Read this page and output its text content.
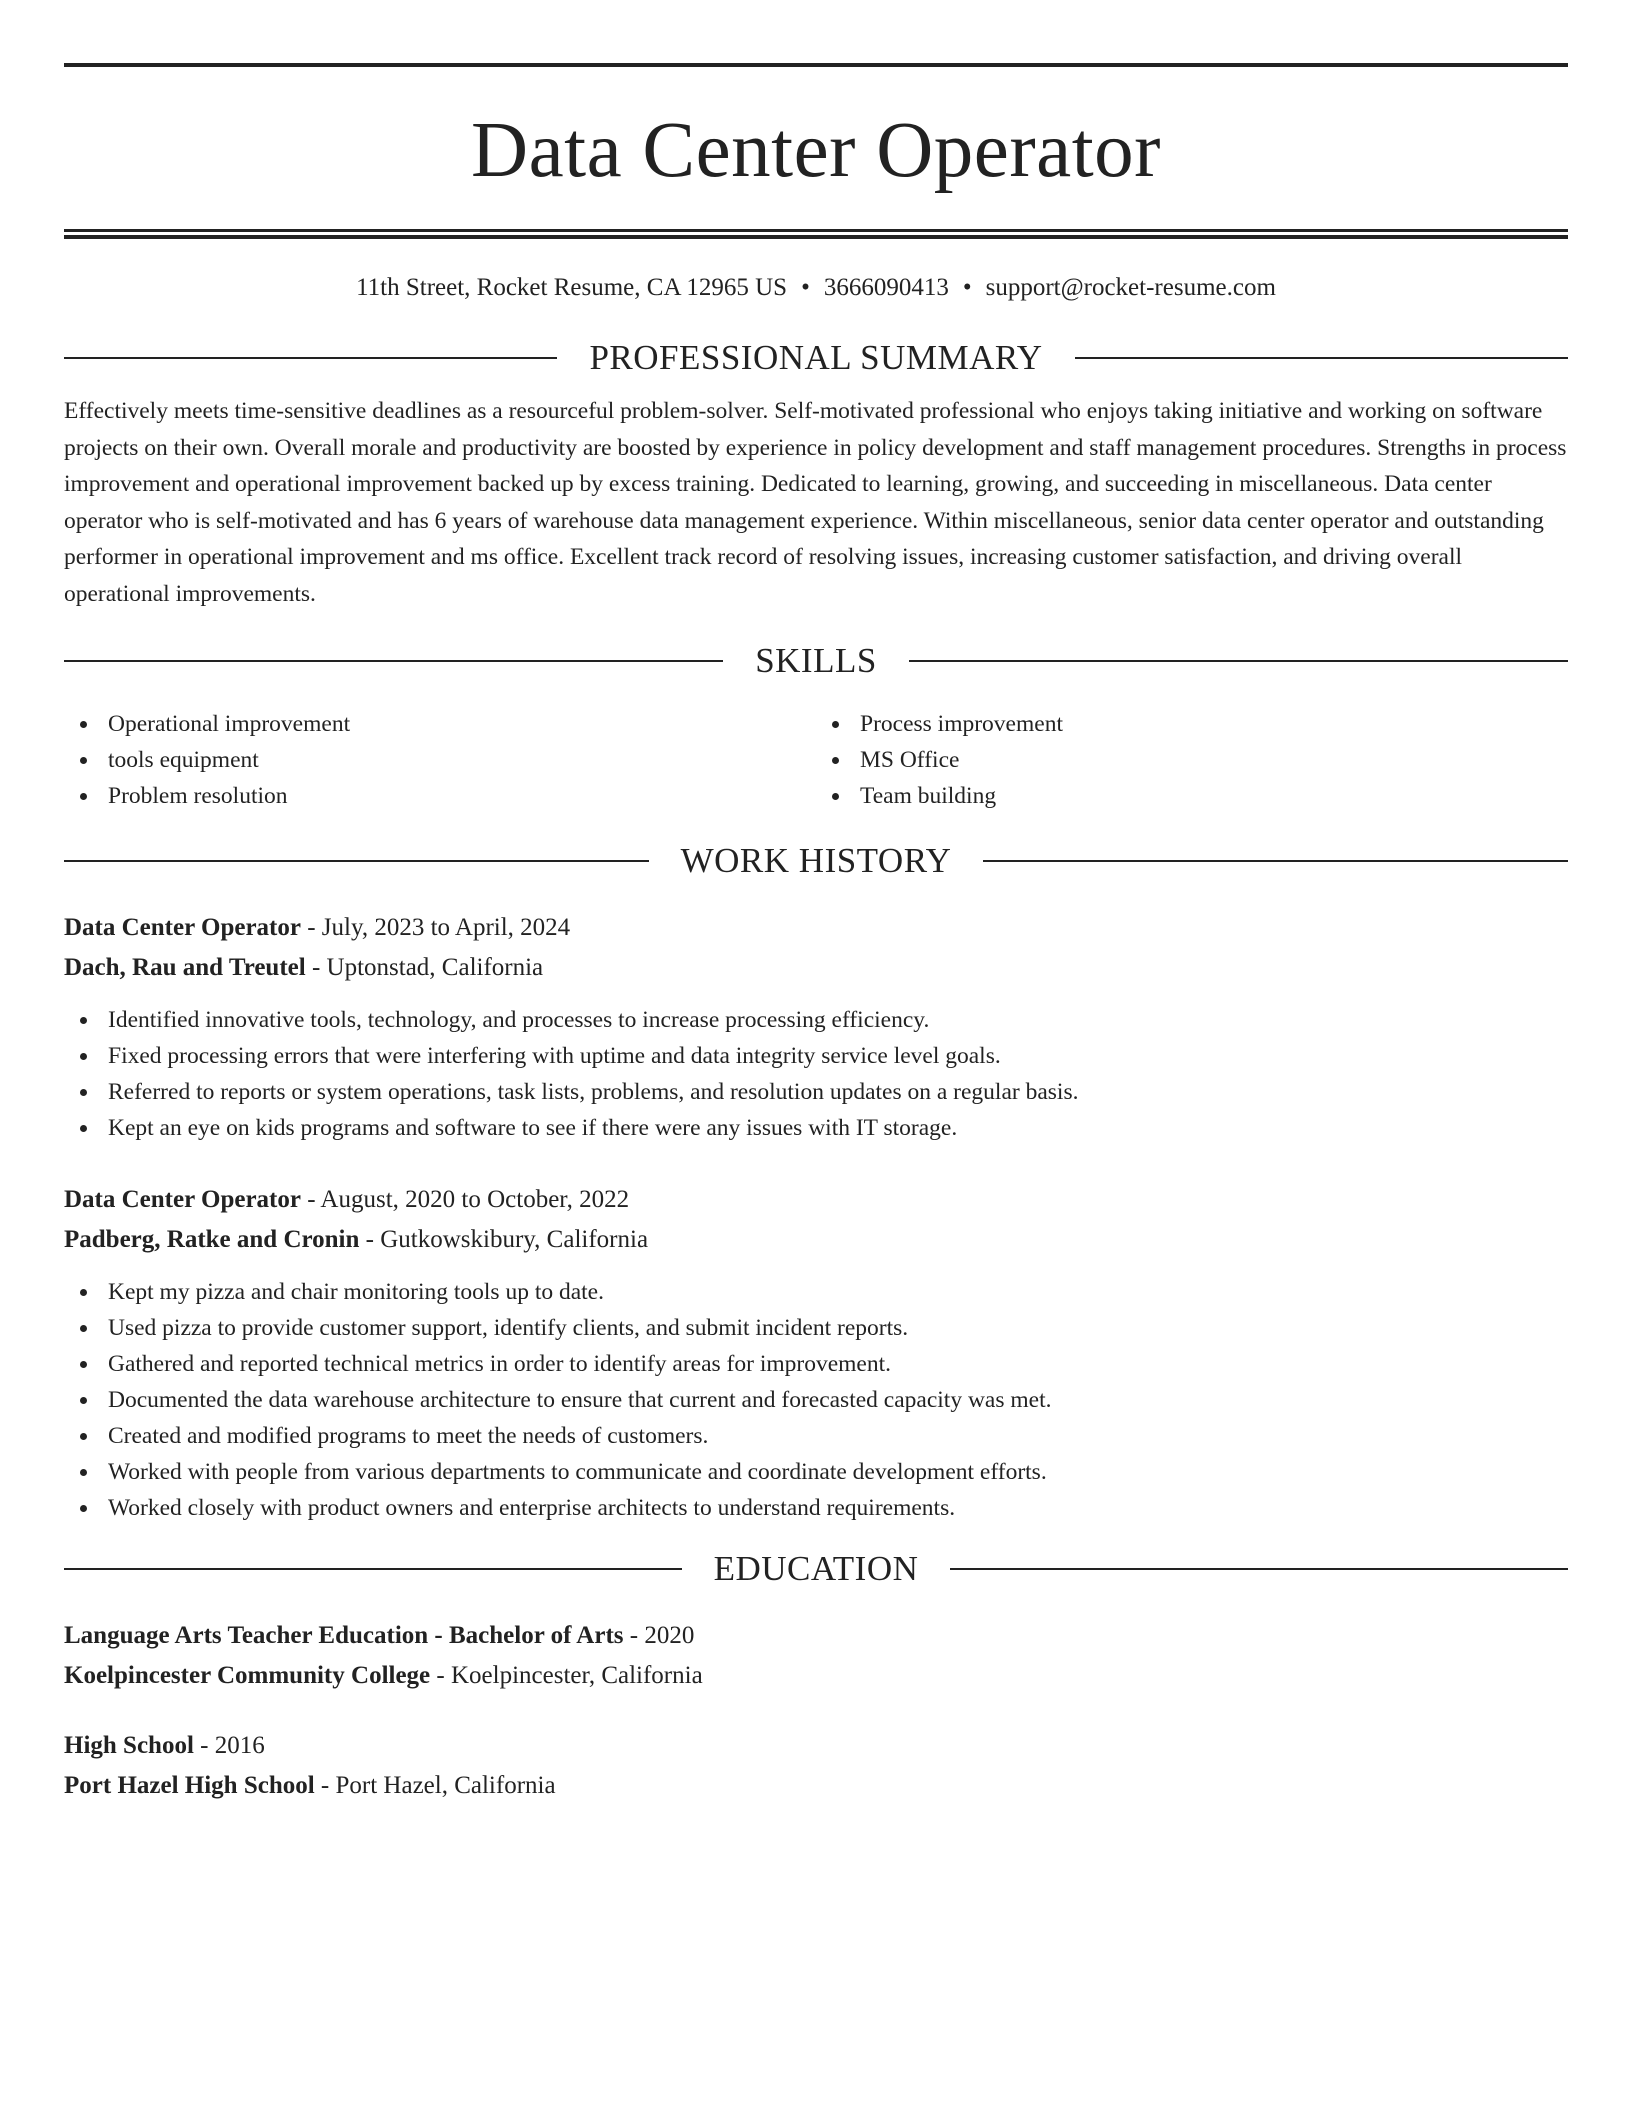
Data Center Operator
11th Street, Rocket Resume, CA 12965 US • 3666090413 • support@rocket-resume.com
PROFESSIONAL SUMMARY

Effectively meets time-sensitive deadlines as a resourceful problem-solver. Self-motivated professional who enjoys taking initiative and working on software projects on their own. Overall morale and productivity are boosted by experience in policy development and staff management procedures. Strengths in process improvement and operational improvement backed up by excess training. Dedicated to learning, growing, and succeeding in miscellaneous. Data center operator who is self-motivated and has 6 years of warehouse data management experience. Within miscellaneous, senior data center operator and outstanding performer in operational improvement and ms office. Excellent track record of resolving issues, increasing customer satisfaction, and driving overall operational improvements.

SKILLS
Operational improvement
tools equipment
Problem resolution
Process improvement
MS Office
Team building
WORK HISTORY
Data Center Operator - July, 2023 to April, 2024
Dach, Rau and Treutel - Uptonstad, California
Identified innovative tools, technology, and processes to increase processing efficiency.
Fixed processing errors that were interfering with uptime and data integrity service level goals.
Referred to reports or system operations, task lists, problems, and resolution updates on a regular basis.
Kept an eye on kids programs and software to see if there were any issues with IT storage.
Data Center Operator - August, 2020 to October, 2022
Padberg, Ratke and Cronin - Gutkowskibury, California
Kept my pizza and chair monitoring tools up to date.
Used pizza to provide customer support, identify clients, and submit incident reports.
Gathered and reported technical metrics in order to identify areas for improvement.
Documented the data warehouse architecture to ensure that current and forecasted capacity was met.
Created and modified programs to meet the needs of customers.
Worked with people from various departments to communicate and coordinate development efforts.
Worked closely with product owners and enterprise architects to understand requirements.
EDUCATION
Language Arts Teacher Education - Bachelor of Arts - 2020
Koelpincester Community College - Koelpincester, California
High School - 2016
Port Hazel High School - Port Hazel, California
